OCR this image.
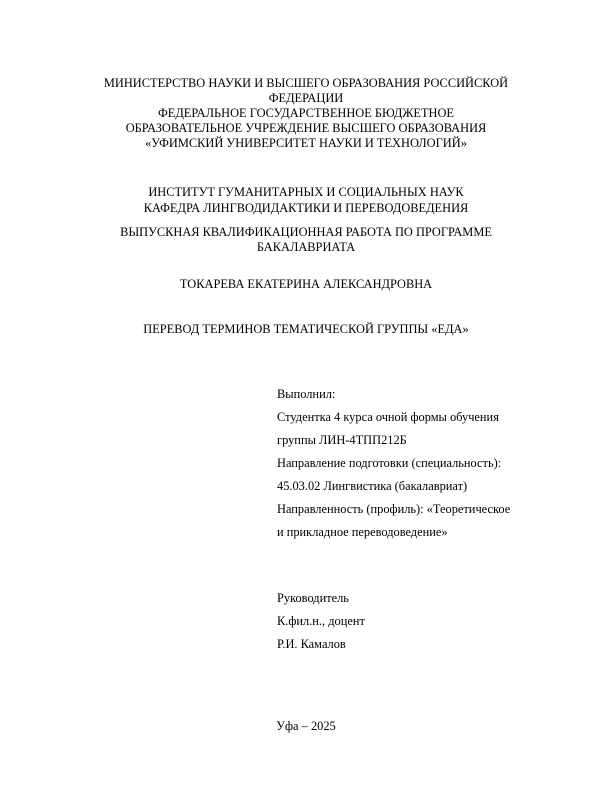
МИНИСТЕРСТВО НАУКИ И ВЫСШЕГО ОБРАЗОВАНИЯ РОССИЙСКОЙ
ФЕДЕРАЦИИ
ФЕДЕРАЛЬНОЕ ГОСУДАРСТВЕННОЕ БЮДЖЕТНОЕ
ОБРАЗОВАТЕЛЬНОЕ УЧРЕЖДЕНИЕ ВЫСШЕГО ОБРАЗОВАНИЯ
«УФИМСКИЙ УНИВЕРСИТЕТ НАУКИ И ТЕХНОЛОГИЙ»
ИНСТИТУТ ГУМАНИТАРНЫХ И СОЦИАЛЬНЫХ НАУК
КАФЕДРА ЛИНГВОДИДАКТИКИ И ПЕРЕВОДОВЕДЕНИЯ
ВЫПУСКНАЯ КВАЛИФИКАЦИОННАЯ РАБОТА ПО ПРОГРАММЕ
БАКАЛАВРИАТА
ТОКАРЕВА ЕКАТЕРИНА АЛЕКСАНДРОВНА
ПЕРЕВОД ТЕРМИНОВ ТЕМАТИЧЕСКОЙ ГРУППЫ «ЕДА»
Выполнил:
Студентка 4 курса очной формы обучения
группы ЛИН-4ТПП212Б
Направление подготовки (специальность):
45.03.02 Лингвистика (бакалавриат)
Направленность (профиль): «Теоретическое
и прикладное переводоведение»
Руководитель
К.фил.н., доцент
Р.И. Камалов
Уфа – 2025
